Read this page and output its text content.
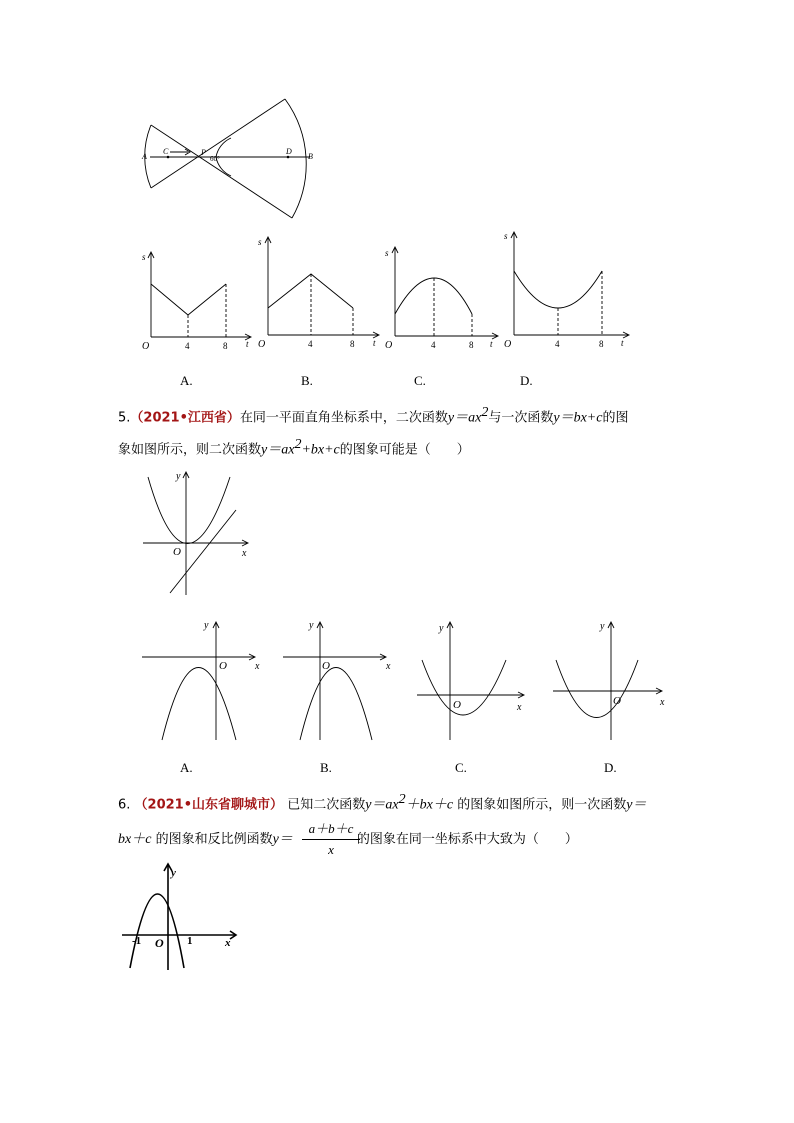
A
C	P
60°
D
B
s
O	t
4	8
A.
s
O	t
4	8
B.
s
O	t
4	8
C.
s
O	t
4	8
D.
5.（2021•江西省）在同一平面直角坐标系中，二次函数$y=ax^2$与一次函数y＝bx+c的图
象如图所示，则二次函数$y=ax^2+bx+c$的图象可能是（　　）
y
O	x
y
O	x
A.
y
O	x
B.
y
O	x
C.
y
O	x
D.
6. （2021•山东省聊城市） 已知二次函数$y=ax^2+bx+c$ 的图象如图所示，则一次函数y＝
bx＋c 的图象和反比例函数y＝	的图象在同一坐标系中大致为（　　）
$\frac{a+b+c}{x}$
-1 O 1
y
x
